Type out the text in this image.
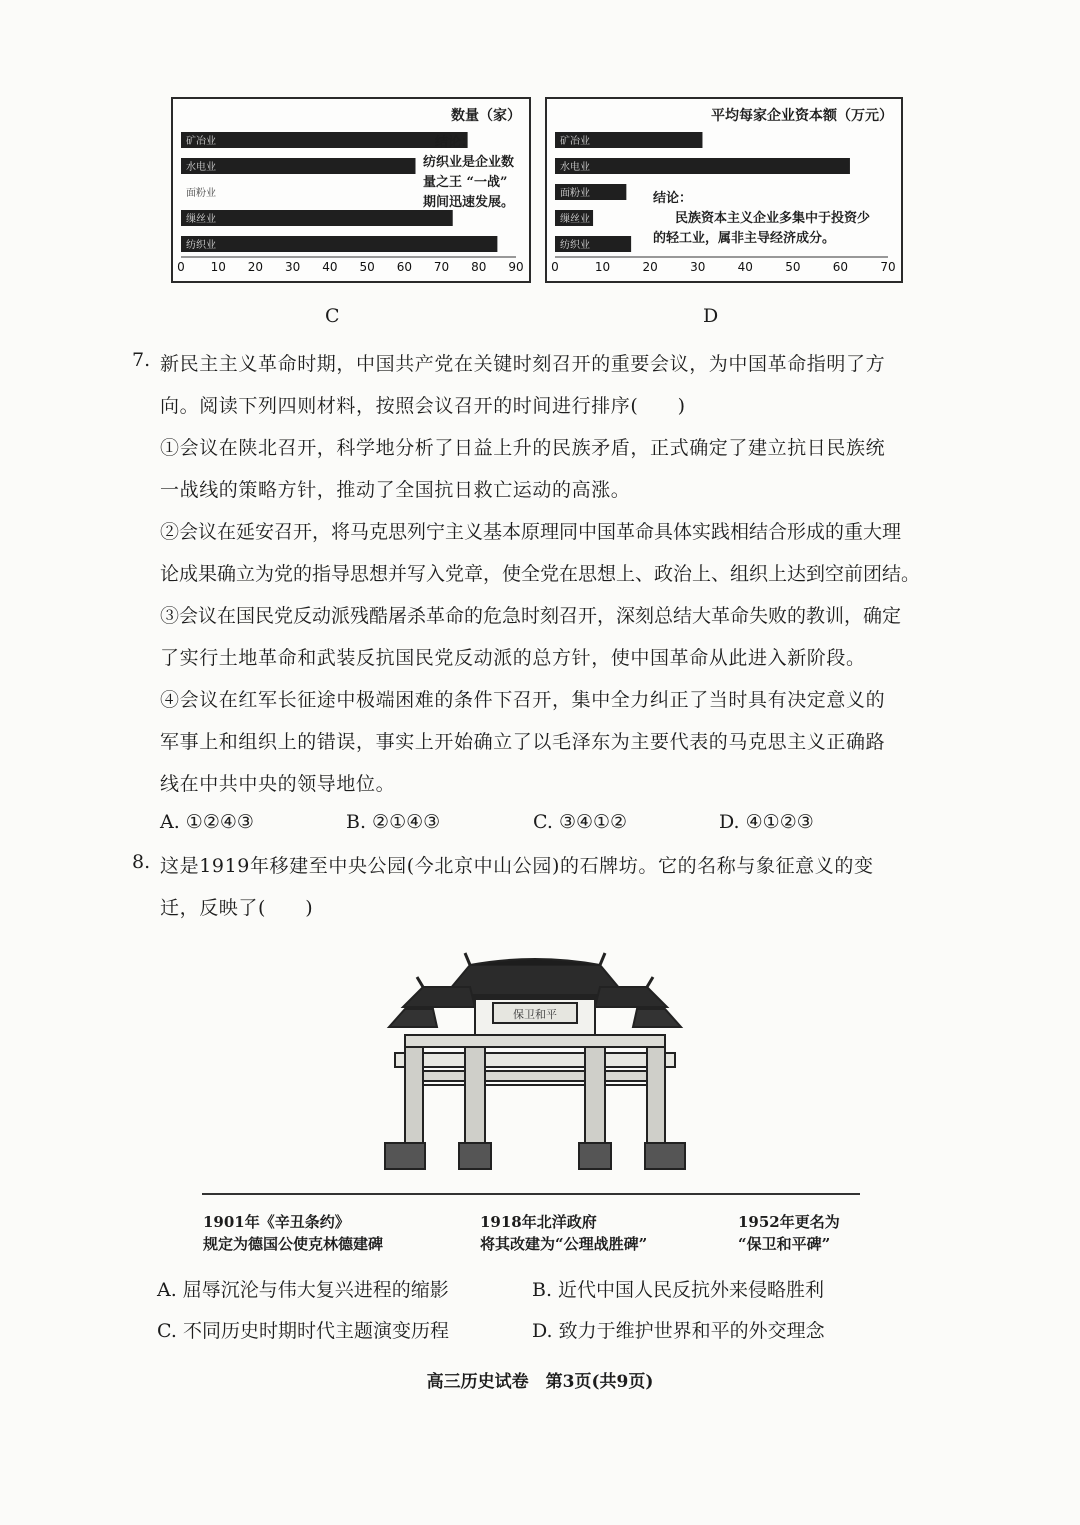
数量（家）
矿冶业
水电业
面粉业
缫丝业
纺织业
0 10 20 30 40 50 60 70 80 90
结论：
纺织业是企业数
量之王 “一战”
期间迅速发展。
C
平均每家企业资本额（万元）
矿冶业
水电业
面粉业
缫丝业
纺织业
0	10	20	30	40	50	60	70
结论：
民族资本主义企业多集中于投资少
的轻工业，属非主导经济成分。
D
7. 新民主主义革命时期，中国共产党在关键时刻召开的重要会议，为中国革命指明了方
向。阅读下列四则材料，按照会议召开的时间进行排序(　　)
①会议在陕北召开，科学地分析了日益上升的民族矛盾，正式确定了建立抗日民族统
一战线的策略方针，推动了全国抗日救亡运动的高涨。
②会议在延安召开，将马克思列宁主义基本原理同中国革命具体实践相结合形成的重大理
论成果确立为党的指导思想并写入党章，使全党在思想上、政治上、组织上达到空前团结。
③会议在国民党反动派残酷屠杀革命的危急时刻召开，深刻总结大革命失败的教训，确定
了实行土地革命和武装反抗国民党反动派的总方针，使中国革命从此进入新阶段。
④会议在红军长征途中极端困难的条件下召开，集中全力纠正了当时具有决定意义的
军事上和组织上的错误，事实上开始确立了以毛泽东为主要代表的马克思主义正确路
线在中共中央的领导地位。
A. ①②④③	B. ②①④③	C. ③④①②	D. ④①②③
8. 这是1919年移建至中央公园(今北京中山公园)的石牌坊。它的名称与象征意义的变
迁，反映了(　　)
保卫和平
1901年《辛丑条约》
规定为德国公使克林德建碑
1918年北洋政府
将其改建为“公理战胜碑”
1952年更名为
“保卫和平碑”
A. 屈辱沉沦与伟大复兴进程的缩影	B. 近代中国人民反抗外来侵略胜利
C. 不同历史时期时代主题演变历程	D. 致力于维护世界和平的外交理念
高三历史试卷　第3页(共9页)
